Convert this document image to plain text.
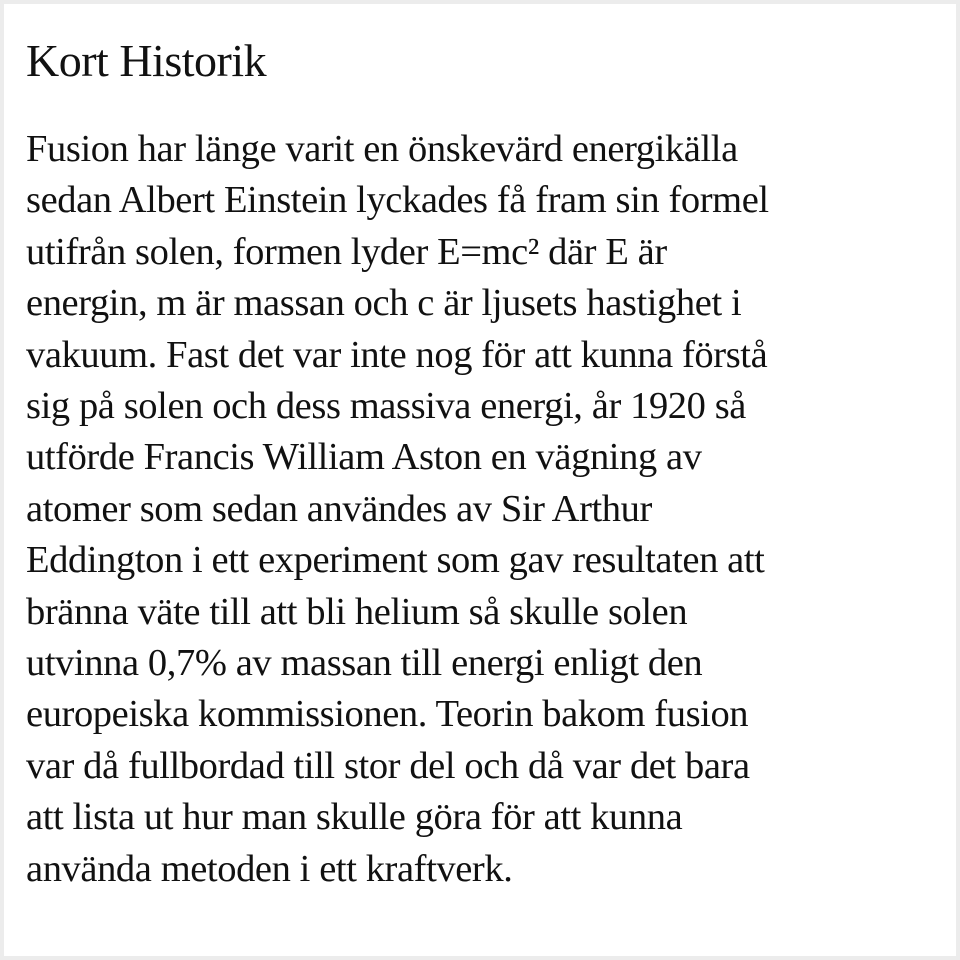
Kort Historik

Fusion har länge varit en önskevärd energikälla
sedan Albert Einstein lyckades få fram sin formel
utifrån solen, formen lyder E=mc² där E är
energin, m är massan och c är ljusets hastighet i
vakuum. Fast det var inte nog för att kunna förstå
sig på solen och dess massiva energi, år 1920 så
utförde Francis William Aston en vägning av
atomer som sedan användes av Sir Arthur
Eddington i ett experiment som gav resultaten att
bränna väte till att bli helium så skulle solen
utvinna 0,7% av massan till energi enligt den
europeiska kommissionen. Teorin bakom fusion
var då fullbordad till stor del och då var det bara
att lista ut hur man skulle göra för att kunna
använda metoden i ett kraftverk.
